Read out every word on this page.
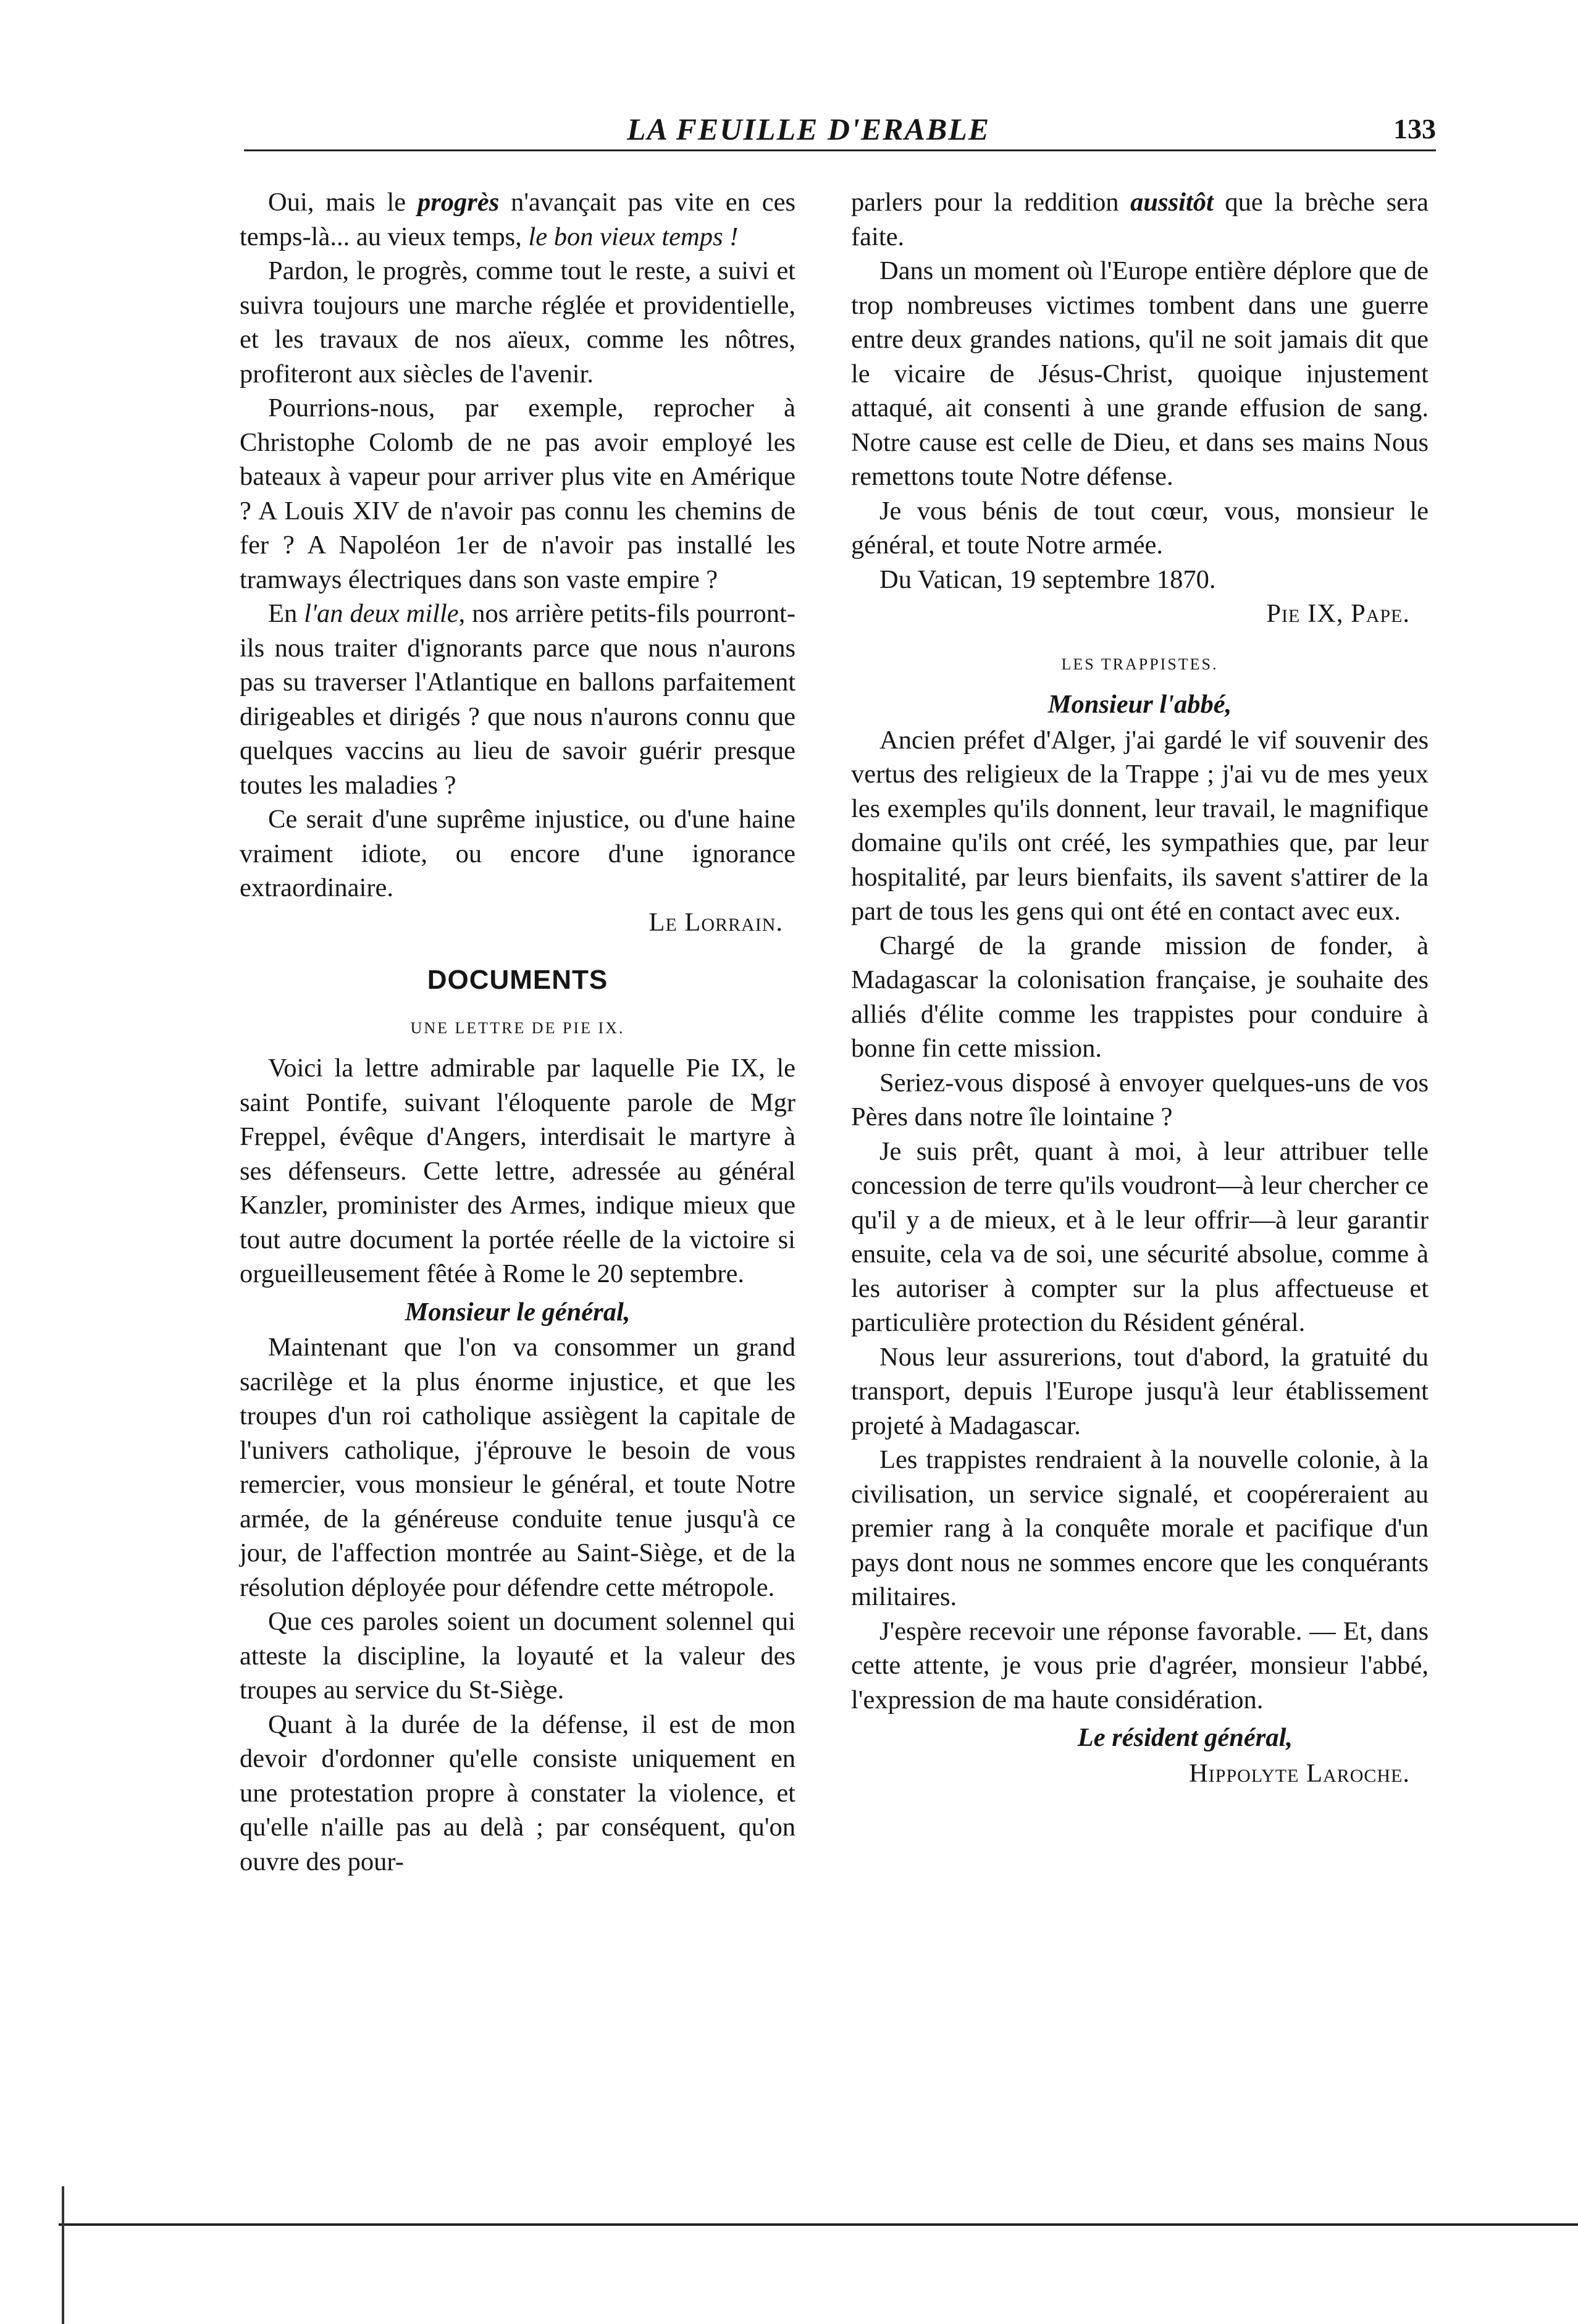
LA FEUILLE D'ERABLE	133

Oui, mais le progrès n'avançait pas vite en ces temps-là... au vieux temps, le bon vieux temps !

Pardon, le progrès, comme tout le reste, a suivi et suivra toujours une marche réglée et providentielle, et les travaux de nos aïeux, comme les nôtres, profiteront aux siècles de l'avenir.

Pourrions-nous, par exemple, reprocher à Christophe Colomb de ne pas avoir employé les bateaux à vapeur pour arriver plus vite en Amérique ? A Louis XIV de n'avoir pas connu les chemins de fer ? A Napoléon 1er de n'avoir pas installé les tramways électriques dans son vaste empire ?

En l'an deux mille, nos arrière petits-fils pourront-ils nous traiter d'ignorants parce que nous n'aurons pas su traverser l'Atlantique en ballons parfaitement dirigeables et dirigés ? que nous n'aurons connu que quelques vaccins au lieu de savoir guérir presque toutes les maladies ?

Ce serait d'une suprême injustice, ou d'une haine vraiment idiote, ou encore d'une ignorance extraordinaire.

Le Lorrain.
DOCUMENTS
UNE LETTRE DE PIE IX.

Voici la lettre admirable par laquelle Pie IX, le saint Pontife, suivant l'éloquente parole de Mgr Freppel, évêque d'Angers, interdisait le martyre à ses défenseurs. Cette lettre, adressée au général Kanzler, prominister des Armes, indique mieux que tout autre document la portée réelle de la victoire si orgueilleusement fêtée à Rome le 20 septembre.

Monsieur le général,

Maintenant que l'on va consommer un grand sacrilège et la plus énorme injustice, et que les troupes d'un roi catholique assiègent la capitale de l'univers catholique, j'éprouve le besoin de vous remercier, vous monsieur le général, et toute Notre armée, de la généreuse conduite tenue jusqu'à ce jour, de l'affection montrée au Saint-Siège, et de la résolution déployée pour défendre cette métropole.

Que ces paroles soient un document solennel qui atteste la discipline, la loyauté et la valeur des troupes au service du St-Siège.

Quant à la durée de la défense, il est de mon devoir d'ordonner qu'elle consiste uniquement en une protestation propre à constater la violence, et qu'elle n'aille pas au delà ; par conséquent, qu'on ouvre des pour-

parlers pour la reddition aussitôt que la brèche sera faite.

Dans un moment où l'Europe entière déplore que de trop nombreuses victimes tombent dans une guerre entre deux grandes nations, qu'il ne soit jamais dit que le vicaire de Jésus-Christ, quoique injustement attaqué, ait consenti à une grande effusion de sang. Notre cause est celle de Dieu, et dans ses mains Nous remettons toute Notre défense.

Je vous bénis de tout cœur, vous, monsieur le général, et toute Notre armée.

Du Vatican, 19 septembre 1870.

Pie IX, Pape.
LES TRAPPISTES.
Monsieur l'abbé,

Ancien préfet d'Alger, j'ai gardé le vif souvenir des vertus des religieux de la Trappe ; j'ai vu de mes yeux les exemples qu'ils donnent, leur travail, le magnifique domaine qu'ils ont créé, les sympathies que, par leur hospitalité, par leurs bienfaits, ils savent s'attirer de la part de tous les gens qui ont été en contact avec eux.

Chargé de la grande mission de fonder, à Madagascar la colonisation française, je souhaite des alliés d'élite comme les trappistes pour conduire à bonne fin cette mission.

Seriez-vous disposé à envoyer quelques-uns de vos Pères dans notre île lointaine ?

Je suis prêt, quant à moi, à leur attribuer telle concession de terre qu'ils voudront—à leur chercher ce qu'il y a de mieux, et à le leur offrir—à leur garantir ensuite, cela va de soi, une sécurité absolue, comme à les autoriser à compter sur la plus affectueuse et particulière protection du Résident général.

Nous leur assurerions, tout d'abord, la gratuité du transport, depuis l'Europe jusqu'à leur établissement projeté à Madagascar.

Les trappistes rendraient à la nouvelle colonie, à la civilisation, un service signalé, et coopéreraient au premier rang à la conquête morale et pacifique d'un pays dont nous ne sommes encore que les conquérants militaires.

J'espère recevoir une réponse favorable. — Et, dans cette attente, je vous prie d'agréer, monsieur l'abbé, l'expression de ma haute considération.

Le résident général,
Hippolyte Laroche.
